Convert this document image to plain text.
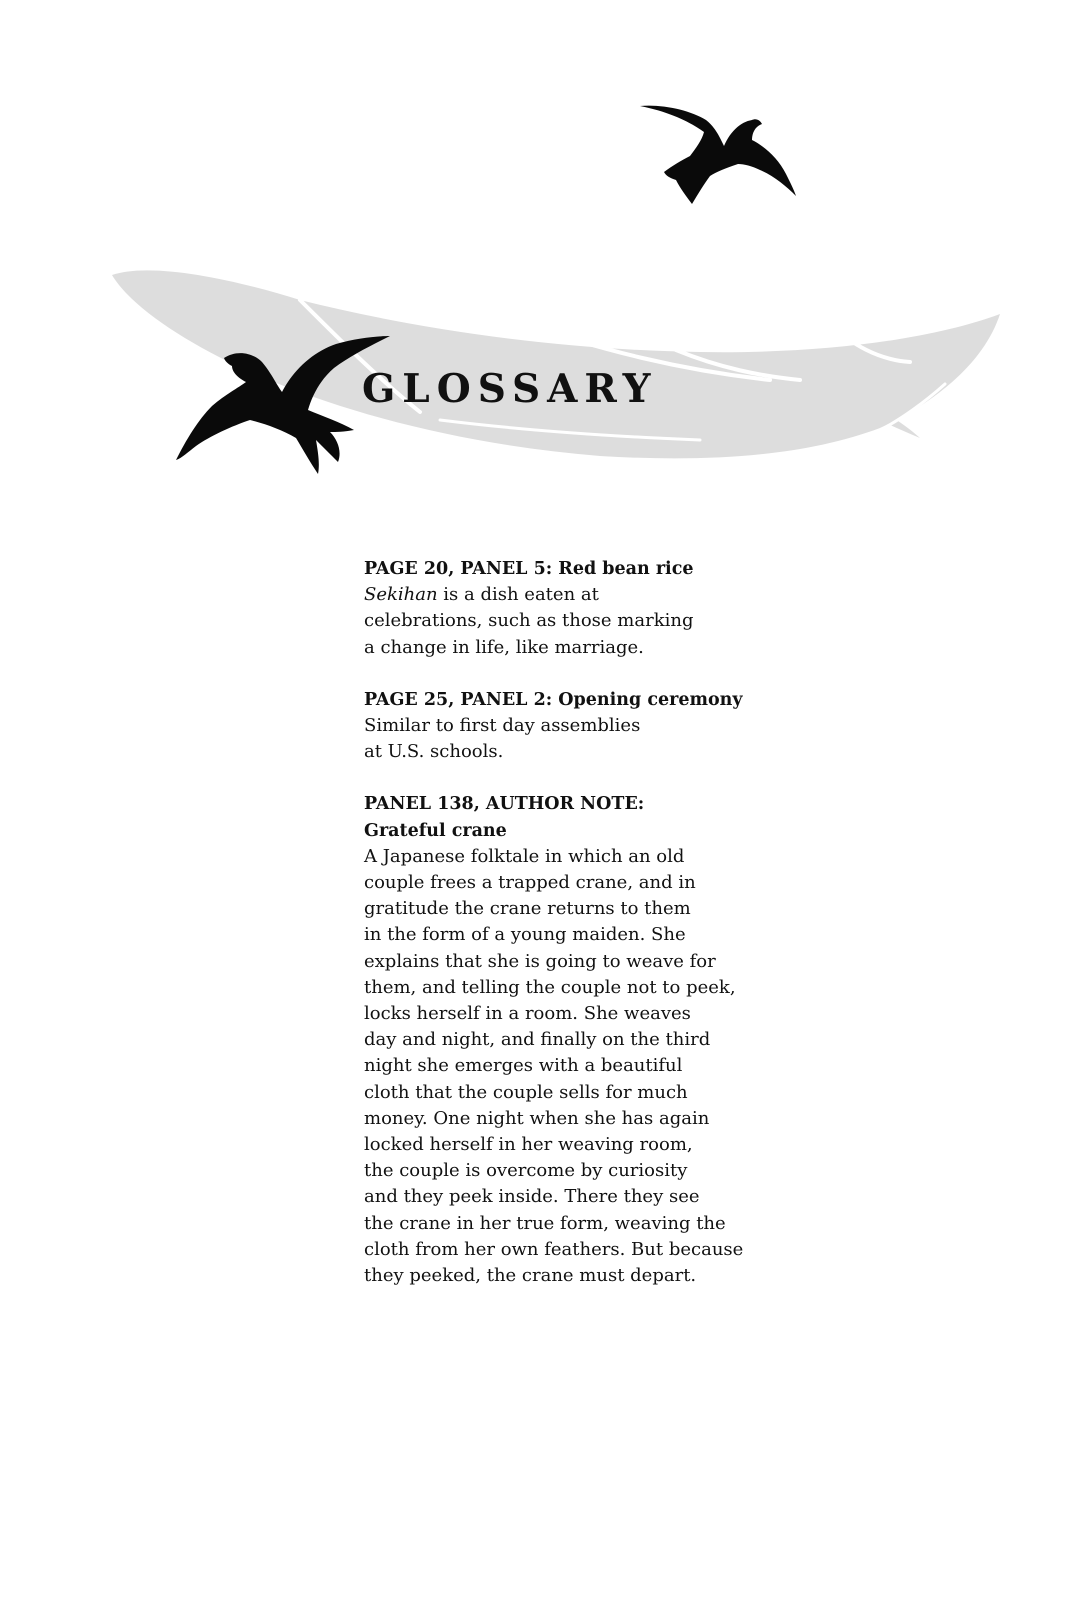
GLOSSARY
PAGE 20, PANEL 5: Red bean rice
Sekihan is a dish eaten at
celebrations, such as those marking
a change in life, like marriage.
PAGE 25, PANEL 2: Opening ceremony
Similar to first day assemblies
at U.S. schools.
PANEL 138, AUTHOR NOTE:
Grateful crane
A Japanese folktale in which an old
couple frees a trapped crane, and in
gratitude the crane returns to them
in the form of a young maiden. She
explains that she is going to weave for
them, and telling the couple not to peek,
locks herself in a room. She weaves
day and night, and finally on the third
night she emerges with a beautiful
cloth that the couple sells for much
money. One night when she has again
locked herself in her weaving room,
the couple is overcome by curiosity
and they peek inside. There they see
the crane in her true form, weaving the
cloth from her own feathers. But because
they peeked, the crane must depart.
